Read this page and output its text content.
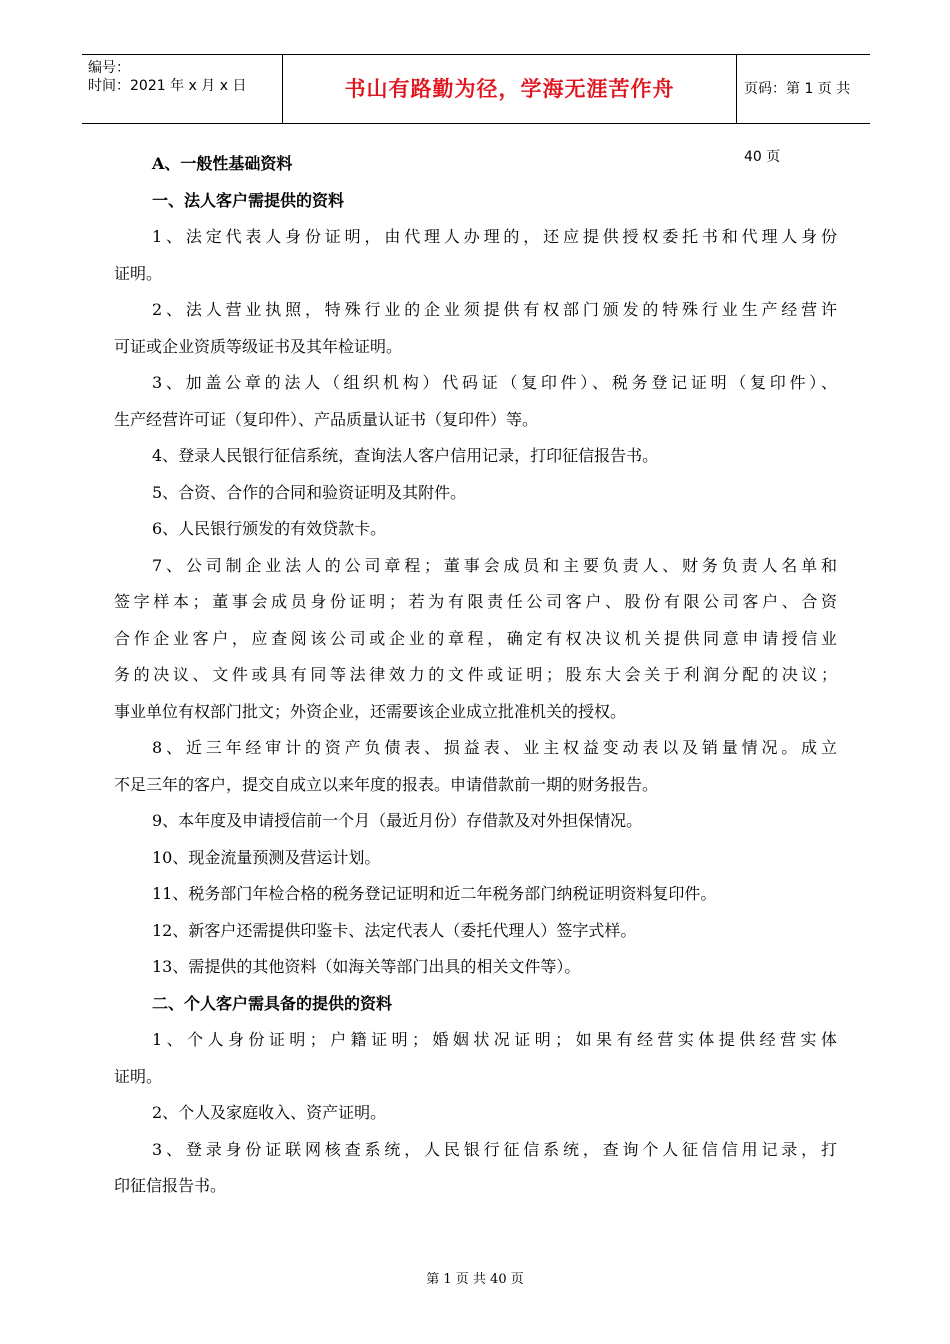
编号：
时间：2021 年 x 月 x 日	书山有路勤为径，学海无涯苦作舟	页码：第 1 页 共 40 页
A、一般性基础资料
一、法人客户需提供的资料
1、法定代表人身份证明，由代理人办理的，还应提供授权委托书和代理人身份
证明。
2、法人营业执照，特殊行业的企业须提供有权部门颁发的特殊行业生产经营许
可证或企业资质等级证书及其年检证明。
3、加盖公章的法人（组织机构）代码证（复印件）、税务登记证明（复印件）、
生产经营许可证（复印件）、产品质量认证书（复印件）等。
4、登录人民银行征信系统，查询法人客户信用记录，打印征信报告书。
5、合资、合作的合同和验资证明及其附件。
6、人民银行颁发的有效贷款卡。
7、公司制企业法人的公司章程；董事会成员和主要负责人、财务负责人名单和
签字样本；董事会成员身份证明；若为有限责任公司客户、股份有限公司客户、合资
合作企业客户，应查阅该公司或企业的章程，确定有权决议机关提供同意申请授信业
务的决议、文件或具有同等法律效力的文件或证明；股东大会关于利润分配的决议；
事业单位有权部门批文；外资企业，还需要该企业成立批准机关的授权。
8、近三年经审计的资产负债表、损益表、业主权益变动表以及销量情况。成立
不足三年的客户，提交自成立以来年度的报表。申请借款前一期的财务报告。
9、本年度及申请授信前一个月（最近月份）存借款及对外担保情况。
10、现金流量预测及营运计划。
11、税务部门年检合格的税务登记证明和近二年税务部门纳税证明资料复印件。
12、新客户还需提供印鉴卡、法定代表人（委托代理人）签字式样。
13、需提供的其他资料（如海关等部门出具的相关文件等）。
二、个人客户需具备的提供的资料
1、个人身份证明；户籍证明；婚姻状况证明；如果有经营实体提供经营实体
证明。
2、个人及家庭收入、资产证明。
3、登录身份证联网核查系统，人民银行征信系统，查询个人征信信用记录，打
印征信报告书。
第 1 页 共 40 页
